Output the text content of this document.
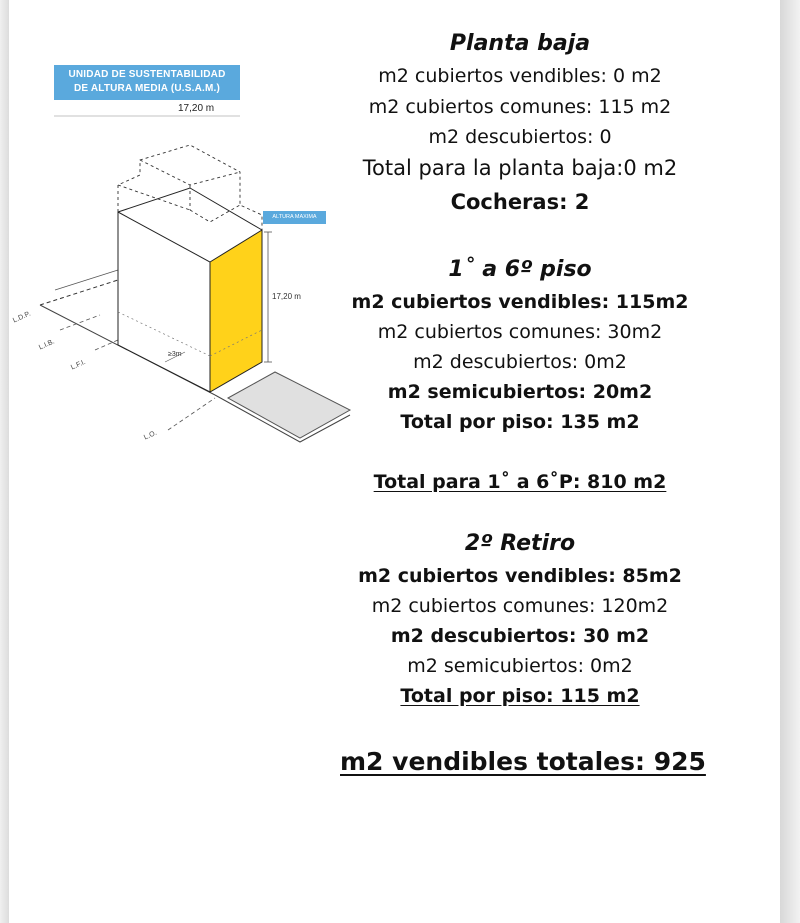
UNIDAD DE SUSTENTABILIDAD
DE ALTURA MEDIA (U.S.A.M.)
17,20 m
ALTURA MAXIMA
17,20 m
≥3m
L.D.P.
L.I.B.
L.F.I.
L.O.
Planta baja
m2 cubiertos vendibles: 0 m2
m2 cubiertos comunes: 115 m2
m2 descubiertos: 0
Total para la planta baja:0 m2
Cocheras: 2
1˚ a 6º piso
m2 cubiertos vendibles: 115m2
m2 cubiertos comunes: 30m2
m2 descubiertos: 0m2
m2 semicubiertos: 20m2
Total por piso: 135 m2
Total para 1˚ a 6˚P: 810 m2
2º Retiro
m2 cubiertos vendibles: 85m2
m2 cubiertos comunes: 120m2
m2 descubiertos: 30 m2
m2 semicubiertos: 0m2
Total por piso: 115 m2
m2 vendibles totales: 925
